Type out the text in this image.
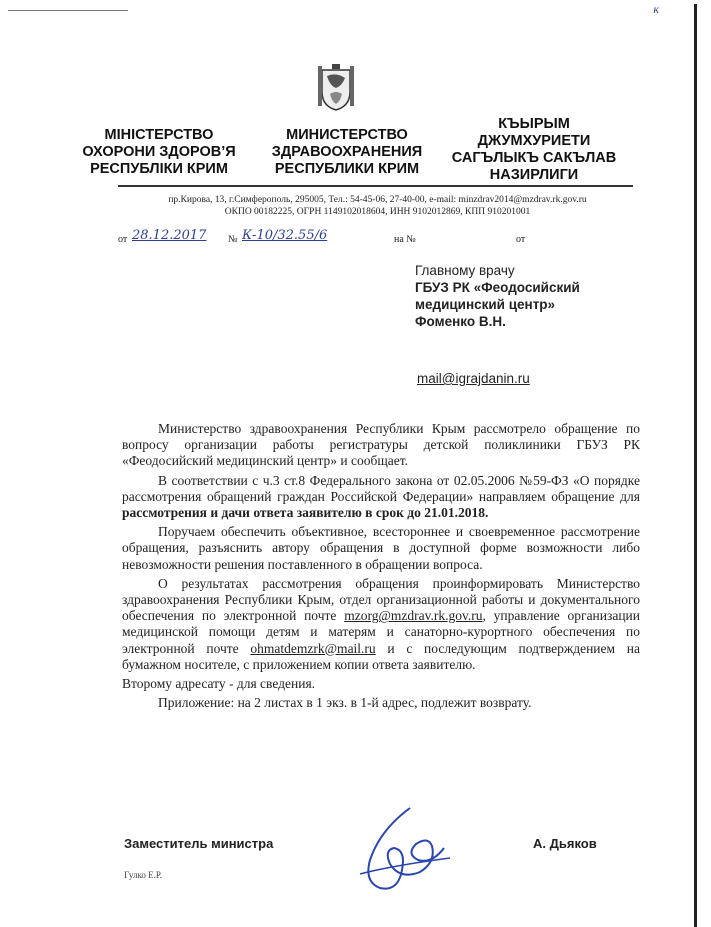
к
МІНІСТЕРСТВО
ОХОРОНИ ЗДОРОВ’Я
РЕСПУБЛІКИ КРИМ
МИНИСТЕРСТВО
ЗДРАВООХРАНЕНИЯ
РЕСПУБЛИКИ КРИМ
КЪЫРЫМ
ДЖУМХУРИЕТИ
САГЪЛЫКЪ САКЪЛАВ
НАЗИРЛИГИ
пр.Кирова, 13, г.Симферополь, 295005, Тел.: 54-45-06, 27-40-00, e-mail: minzdrav2014@mzdrav.rk.gov.ru
ОКПО 00182225, ОГРН 1149102018604, ИНН 9102012869, КПП 910201001
от 28.12.2017 № К-10/32.55/6	на №	от
Главному врачу
ГБУЗ РК «Феодосийский
медицинский центр»
Фоменко В.Н.
mail@igrajdanin.ru

Министерство здравоохранения Республики Крым рассмотрело обращение по вопросу организации работы регистратуры детской поликлиники ГБУЗ РК «Феодосийский медицинский центр» и сообщает.

В соответствии с ч.3 ст.8 Федерального закона от 02.05.2006 №59-ФЗ «О порядке рассмотрения обращений граждан Российской Федерации» направляем обращение для рассмотрения и дачи ответа заявителю в срок до 21.01.2018.

Поручаем обеспечить объективное, всестороннее и своевременное рассмотрение обращения, разъяснить автору обращения в доступной форме возможности либо невозможности решения поставленного в обращении вопроса.

О результатах рассмотрения обращения проинформировать Министерство здравоохранения Республики Крым, отдел организационной работы и документального обеспечения по электронной почте mzorg@mzdrav.rk.gov.ru, управление организации медицинской помощи детям и матерям и санаторно-курортного обеспечения по электронной почте ohmatdemzrk@mail.ru и с последующим подтверждением на бумажном носителе, с приложением копии ответа заявителю.

Второму адресату - для сведения.

Приложение: на 2 листах в 1 экз. в 1-й адрес, подлежит возврату.

Заместитель министра	А. Дьяков
Гулко Е.Р.
